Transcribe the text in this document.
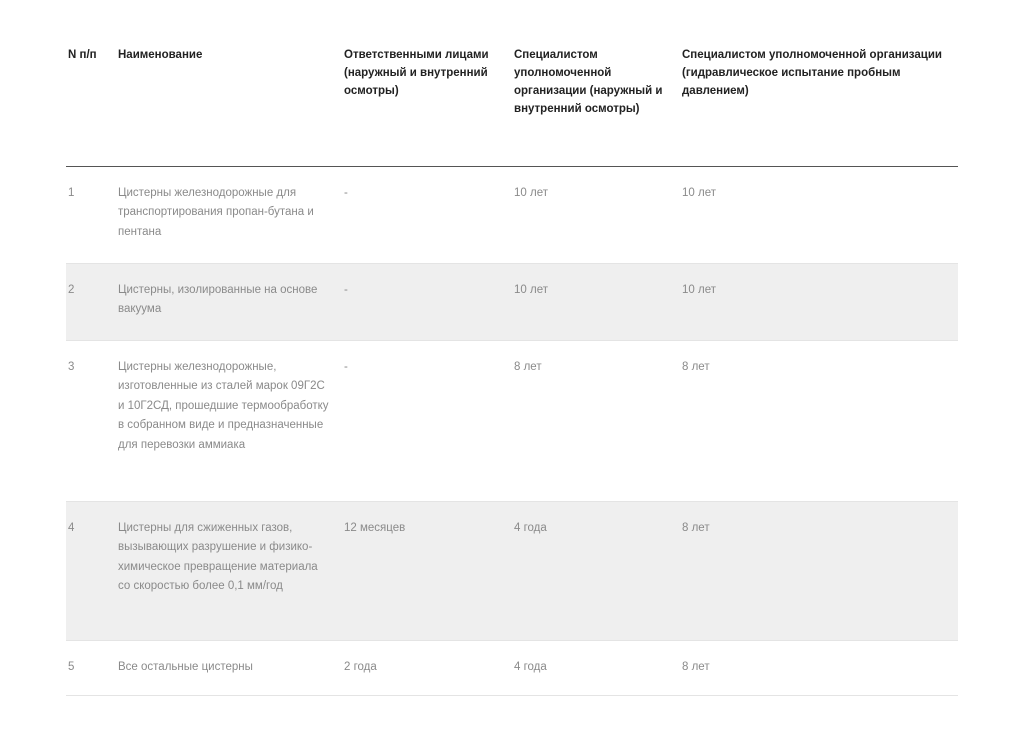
N п/п	Наименование	Ответственными лицами (наружный и внутренний осмотры)	Специалистом уполномоченной организации (наружный и внутренний осмотры)	Специалистом уполномоченной организации (гидравлическое испытание пробным давлением)
1	Цистерны железнодорожные для транспортирования пропан-бутана и пентана	-	10 лет	10 лет
2	Цистерны, изолированные на основе вакуума	-	10 лет	10 лет
3	Цистерны железнодорожные, изготовленные из сталей марок 09Г2С и 10Г2СД, прошедшие термообработку в собранном виде и предназначенные для перевозки аммиака	-	8 лет	8 лет
4	Цистерны для сжиженных газов, вызывающих разрушение и физико-химическое превращение материала со скоростью более 0,1 мм/год	12 месяцев	4 года	8 лет
5	Все остальные цистерны	2 года	4 года	8 лет
